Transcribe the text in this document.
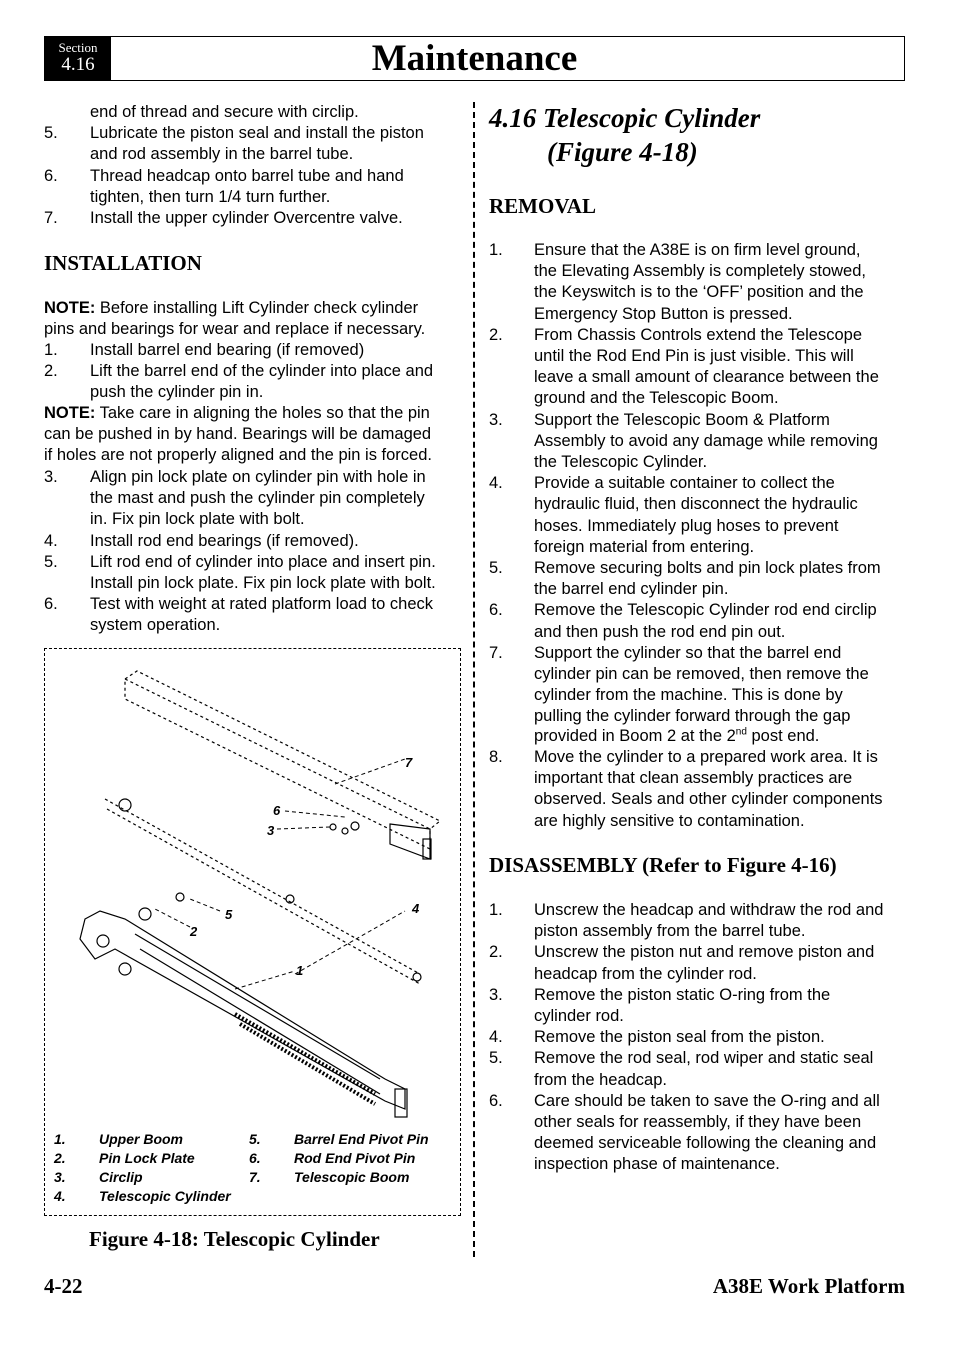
Section
4.16	Maintenance
end of thread and secure with circlip.
5. Lubricate the piston seal and install the piston
and rod assembly in the barrel tube.
6. Thread headcap onto barrel tube and hand
tighten, then turn 1/4 turn further.
7. Install the upper cylinder Overcentre valve.
INSTALLATION
NOTE: Before installing Lift Cylinder check cylinder
pins and bearings for wear and replace if necessary.
1. Install barrel end bearing (if removed)
2. Lift the barrel end of the cylinder into place and
push the cylinder pin in.
NOTE: Take care in aligning the holes so that the pin
can be pushed in by hand. Bearings will be damaged
if holes are not properly aligned and the pin is forced.
3. Align pin lock plate on cylinder pin with hole in
the mast and push the cylinder pin completely
in. Fix pin lock plate with bolt.
4. Install rod end bearings (if removed).
5. Lift rod end of cylinder into place and insert pin.
Install pin lock plate. Fix pin lock plate with bolt.
6. Test with weight at rated platform load to check
system operation.
7
6
3
5	4
2
1
1. Upper Boom
2. Pin Lock Plate
3. Circlip
4. Telescopic Cylinder
5. Barrel End Pivot Pin
6. Rod End Pivot Pin
7. Telescopic Boom
Figure 4-18: Telescopic Cylinder
4.16 Telescopic Cylinder
(Figure 4-18)
REMOVAL
1. Ensure that the A38E is on firm level ground,
the Elevating Assembly is completely stowed,
the Keyswitch is to the ‘OFF’ position and the
Emergency Stop Button is pressed.
2. From Chassis Controls extend the Telescope
until the Rod End Pin is just visible. This will
leave a small amount of clearance between the
ground and the Telescopic Boom.
3. Support the Telescopic Boom & Platform
Assembly to avoid any damage while removing
the Telescopic Cylinder.
4. Provide a suitable container to collect the
hydraulic fluid, then disconnect the hydraulic
hoses. Immediately plug hoses to prevent
foreign material from entering.
5. Remove securing bolts and pin lock plates from
the barrel end cylinder pin.
6. Remove the Telescopic Cylinder rod end circlip
and then push the rod end pin out.
7. Support the cylinder so that the barrel end
cylinder pin can be removed, then remove the
cylinder from the machine. This is done by
pulling the cylinder forward through the gap
provided in Boom 2 at the 2nd post end.
8. Move the cylinder to a prepared work area. It is
important that clean assembly practices are
observed. Seals and other cylinder components
are highly sensitive to contamination.
DISASSEMBLY (Refer to Figure 4-16)
1. Unscrew the headcap and withdraw the rod and
piston assembly from the barrel tube.
2. Unscrew the piston nut and remove piston and
headcap from the cylinder rod.
3. Remove the piston static O-ring from the
cylinder rod.
4. Remove the piston seal from the piston.
5. Remove the rod seal, rod wiper and static seal
from the headcap.
6. Care should be taken to save the O-ring and all
other seals for reassembly, if they have been
deemed serviceable following the cleaning and
inspection phase of maintenance.
4-22	A38E Work Platform
